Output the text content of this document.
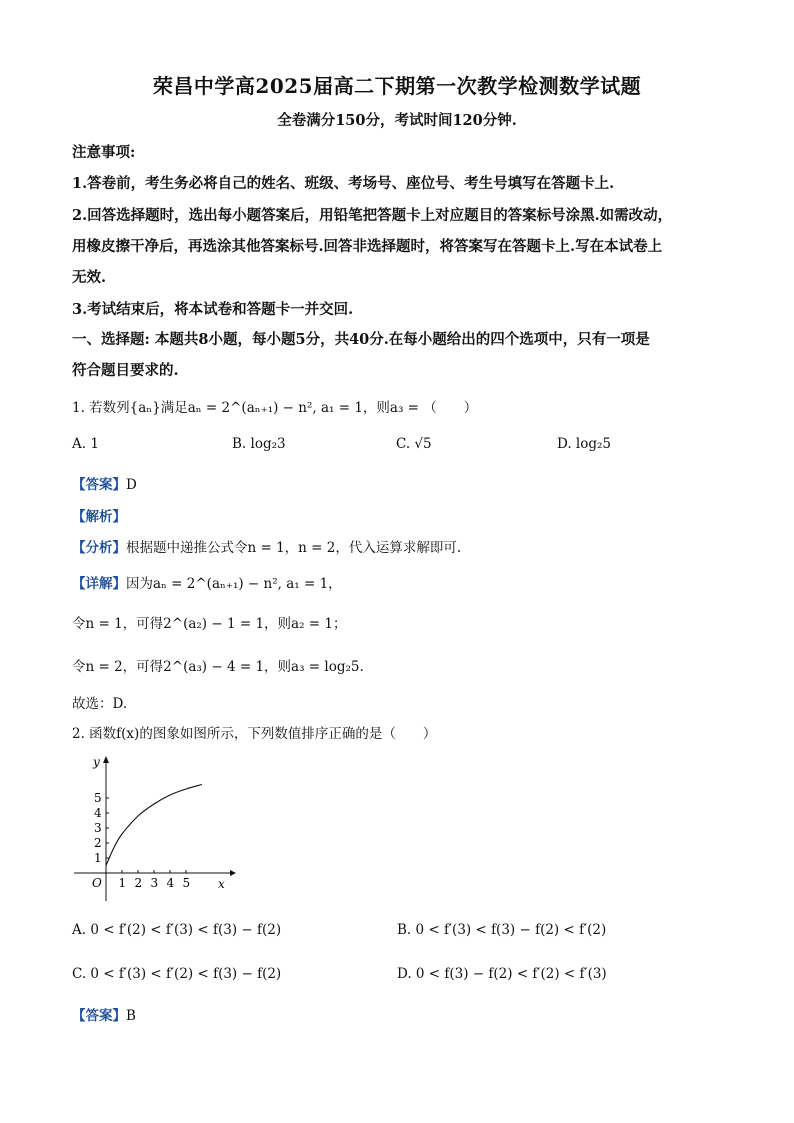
荣昌中学高2025届高二下期第一次教学检测数学试题
全卷满分150分，考试时间120分钟.
注意事项:
1.答卷前，考生务必将自己的姓名、班级、考场号、座位号、考生号填写在答题卡上.
2.回答选择题时，选出每小题答案后，用铅笔把答题卡上对应题目的答案标号涂黑.如需改动，
用橡皮擦干净后，再选涂其他答案标号.回答非选择题时，将答案写在答题卡上.写在本试卷上
无效.
3.考试结束后，将本试卷和答题卡一并交回.
一、选择题: 本题共8小题，每小题5分，共40分.在每小题给出的四个选项中，只有一项是
符合题目要求的.
1. 若数列{aₙ}满足aₙ = 2^(aₙ₊₁) − n², a₁ = 1，则a₃ = （　　）
A. 1	B. log₂3	C. √5	D. log₂5
【答案】D
【解析】
【分析】根据题中递推公式令n = 1，n = 2，代入运算求解即可.
【详解】因为aₙ = 2^(aₙ₊₁) − n², a₁ = 1，
令n = 1，可得2^(a₂) − 1 = 1，则a₂ = 1；
令n = 2，可得2^(a₃) − 4 = 1，则a₃ = log₂5.
故选：D.
2. 函数f(x)的图象如图所示，下列数值排序正确的是（　　）
x
y
O 1 2 3 4 5
1
2
3
4
5
A. 0 < f′(2) < f′(3) < f(3) − f(2)	B. 0 < f′(3) < f(3) − f(2) < f′(2)
C. 0 < f′(3) < f′(2) < f(3) − f(2)	D. 0 < f(3) − f(2) < f′(2) < f′(3)
【答案】B
